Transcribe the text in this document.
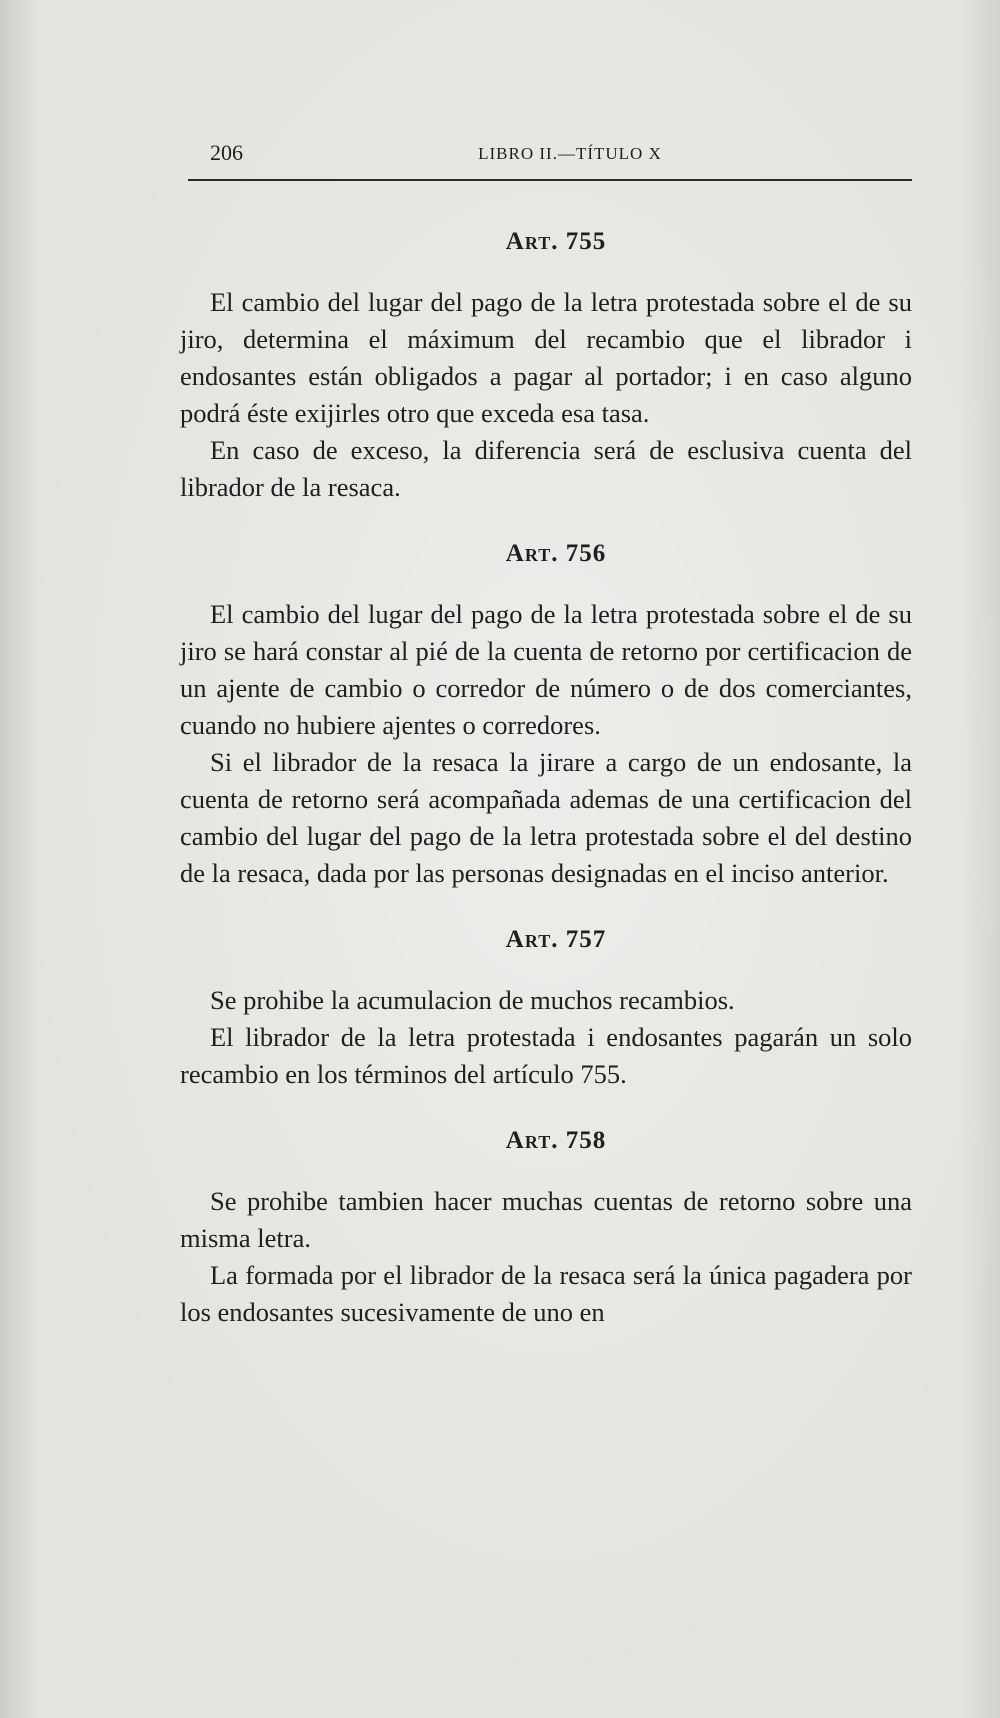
206	LIBRO II.—TÍTULO X
Art. 755

El cambio del lugar del pago de la letra protestada sobre el de su jiro, determina el máximum del recambio que el librador i endosantes están obligados a pagar al portador; i en caso alguno podrá éste exijirles otro que exceda esa tasa.

En caso de exceso, la diferencia será de esclusiva cuenta del librador de la resaca.

Art. 756

El cambio del lugar del pago de la letra protestada sobre el de su jiro se hará constar al pié de la cuenta de retorno por certificacion de un ajente de cambio o corredor de número o de dos comerciantes, cuando no hubiere ajentes o corredores.

Si el librador de la resaca la jirare a cargo de un endosante, la cuenta de retorno será acompañada ademas de una certificacion del cambio del lugar del pago de la letra protestada sobre el del destino de la resaca, dada por las personas designadas en el inciso anterior.

Art. 757

Se prohibe la acumulacion de muchos recambios.

El librador de la letra protestada i endosantes pagarán un solo recambio en los términos del artículo 755.

Art. 758

Se prohibe tambien hacer muchas cuentas de retorno sobre una misma letra.

La formada por el librador de la resaca será la única pagadera por los endosantes sucesivamente de uno en
